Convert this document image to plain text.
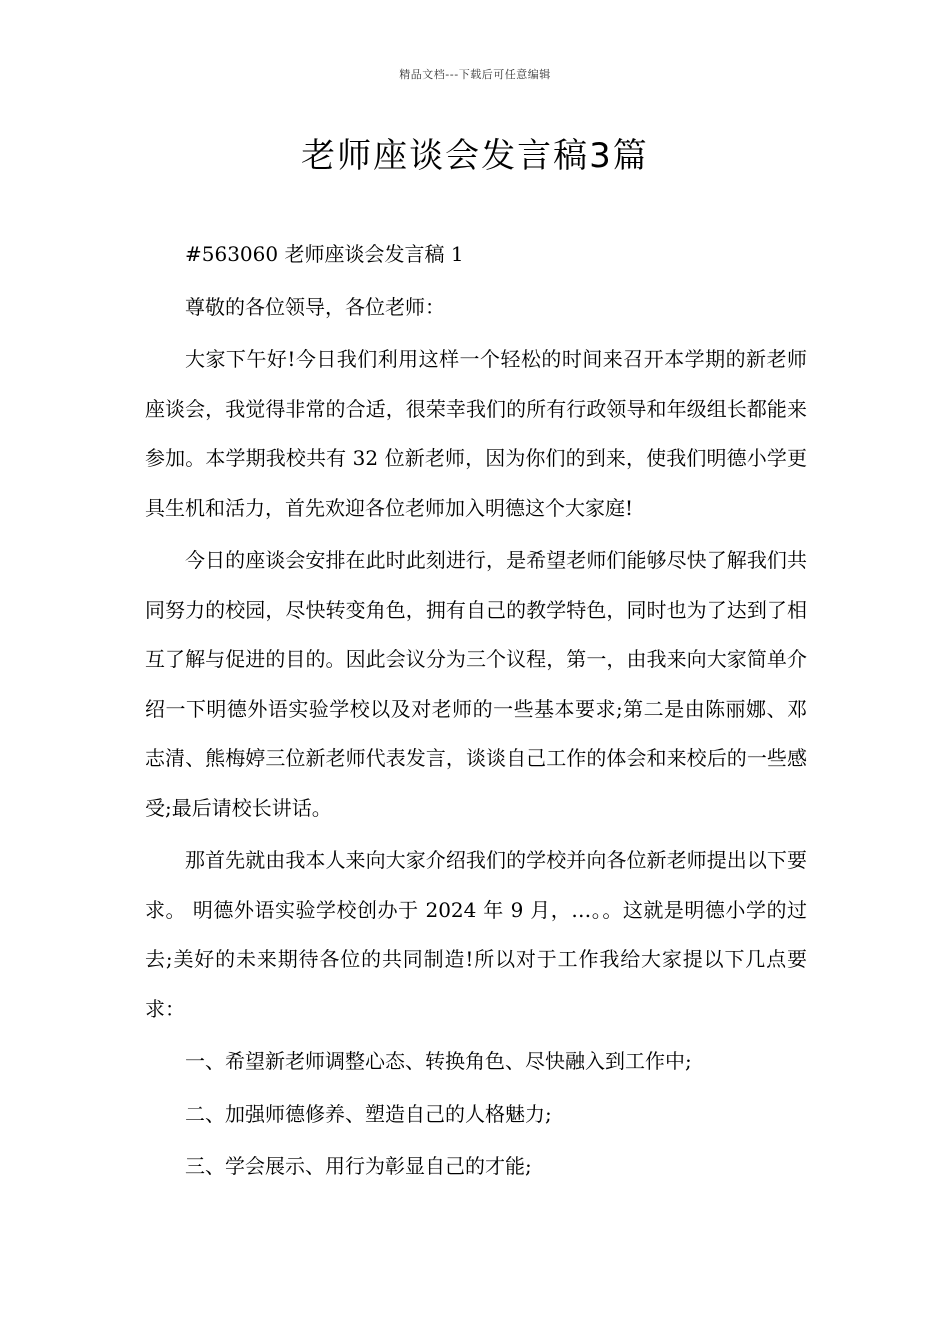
精品文档---下载后可任意编辑
老师座谈会发言稿3篇

#563060 老师座谈会发言稿 1

尊敬的各位领导，各位老师：

大家下午好!今日我们利用这样一个轻松的时间来召开本学期的新老师座谈会，我觉得非常的合适，很荣幸我们的所有行政领导和年级组长都能来参加。本学期我校共有 32 位新老师，因为你们的到来，使我们明德小学更具生机和活力，首先欢迎各位老师加入明德这个大家庭!

今日的座谈会安排在此时此刻进行，是希望老师们能够尽快了解我们共同努力的校园，尽快转变角色，拥有自己的教学特色，同时也为了达到了相互了解与促进的目的。因此会议分为三个议程，第一，由我来向大家简单介绍一下明德外语实验学校以及对老师的一些基本要求;第二是由陈丽娜、邓志清、熊梅婷三位新老师代表发言，谈谈自己工作的体会和来校后的一些感受;最后请校长讲话。

那首先就由我本人来向大家介绍我们的学校并向各位新老师提出以下要求。 明德外语实验学校创办于 2024 年 9 月，…。。这就是明德小学的过去;美好的未来期待各位的共同制造!所以对于工作我给大家提以下几点要求：

一、希望新老师调整心态、转换角色、尽快融入到工作中;

二、加强师德修养、塑造自己的人格魅力;

三、学会展示、用行为彰显自己的才能;
